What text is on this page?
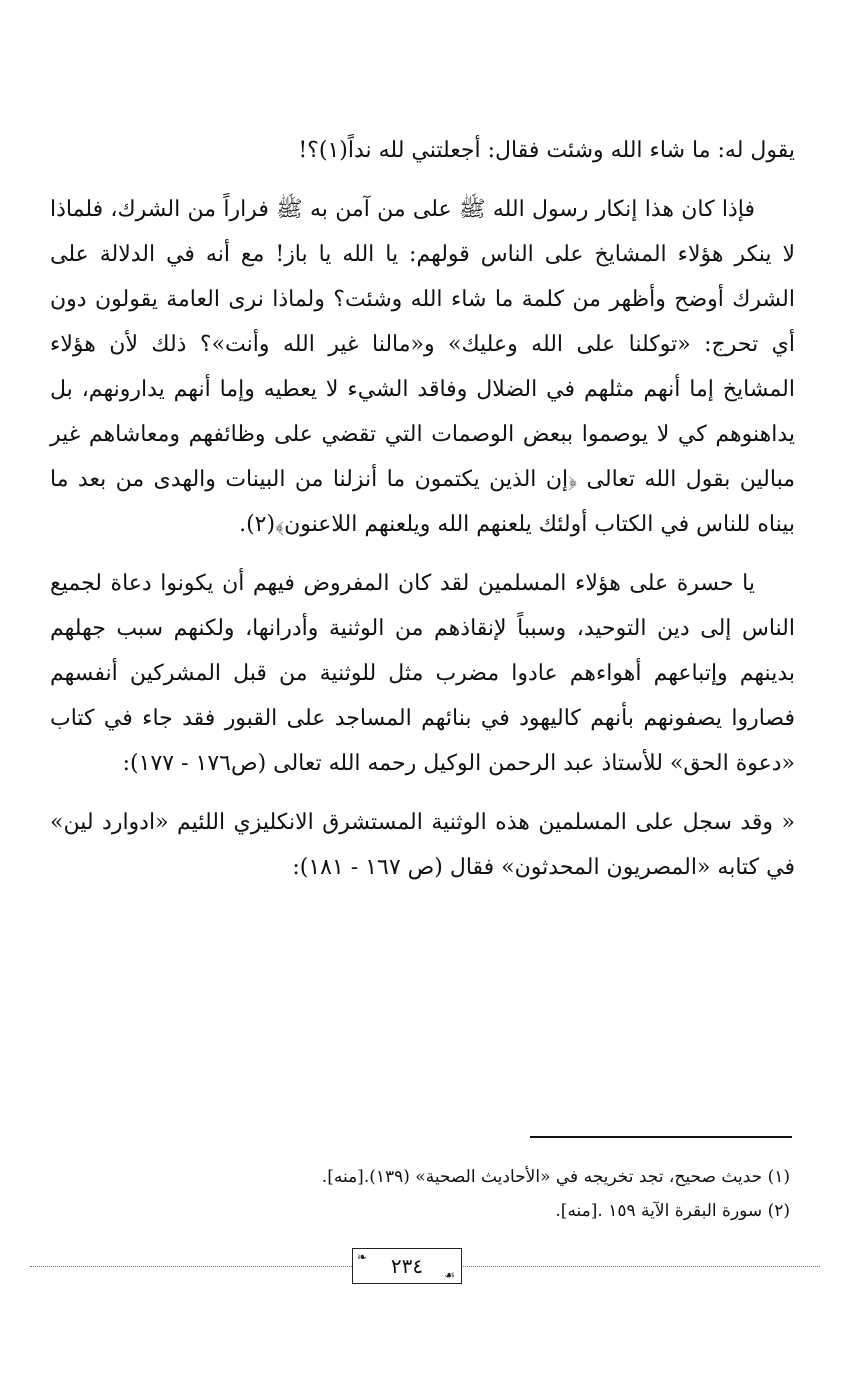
يقول له: ما شاء الله وشئت فقال: أجعلتني لله نداً(١)؟!

فإذا كان هذا إنكار رسول الله ﷺ على من آمن به ﷺ فراراً من الشرك، فلماذا لا ينكر هؤلاء المشايخ على الناس قولهم: يا الله يا باز! مع أنه في الدلالة على الشرك أوضح وأظهر من كلمة ما شاء الله وشئت؟ ولماذا نرى العامة يقولون دون أي تحرج: «توكلنا على الله وعليك» و«مالنا غير الله وأنت»؟ ذلك لأن هؤلاء المشايخ إما أنهم مثلهم في الضلال وفاقد الشيء لا يعطيه وإما أنهم يدارونهم، بل يداهنوهم كي لا يوصموا ببعض الوصمات التي تقضي على وظائفهم ومعاشاهم غير مبالين بقول الله تعالى ﴿إن الذين يكتمون ما أنزلنا من البينات والهدى من بعد ما بيناه للناس في الكتاب أولئك يلعنهم الله ويلعنهم اللاعنون﴾(٢).

يا حسرة على هؤلاء المسلمين لقد كان المفروض فيهم أن يكونوا دعاة لجميع الناس إلى دين التوحيد، وسبباً لإنقاذهم من الوثنية وأدرانها، ولكنهم سبب جهلهم بدينهم وإتباعهم أهواءهم عادوا مضرب مثل للوثنية من قبل المشركين أنفسهم فصاروا يصفونهم بأنهم كاليهود في بنائهم المساجد على القبور فقد جاء في كتاب «دعوة الحق» للأستاذ عبد الرحمن الوكيل رحمه الله تعالى (ص١٧٦ - ١٧٧):

« وقد سجل على المسلمين هذه الوثنية المستشرق الانكليزي اللئيم «ادوارد لين» في كتابه «المصريون المحدثون» فقال (ص ١٦٧ - ١٨١):

(١) حديث صحيح، تجد تخريجه في «الأحاديث الصحية» (١٣٩).[منه].

(٢) سورة البقرة الآية ١٥٩ .[منه].

❧ ٢٣٤ ☙
